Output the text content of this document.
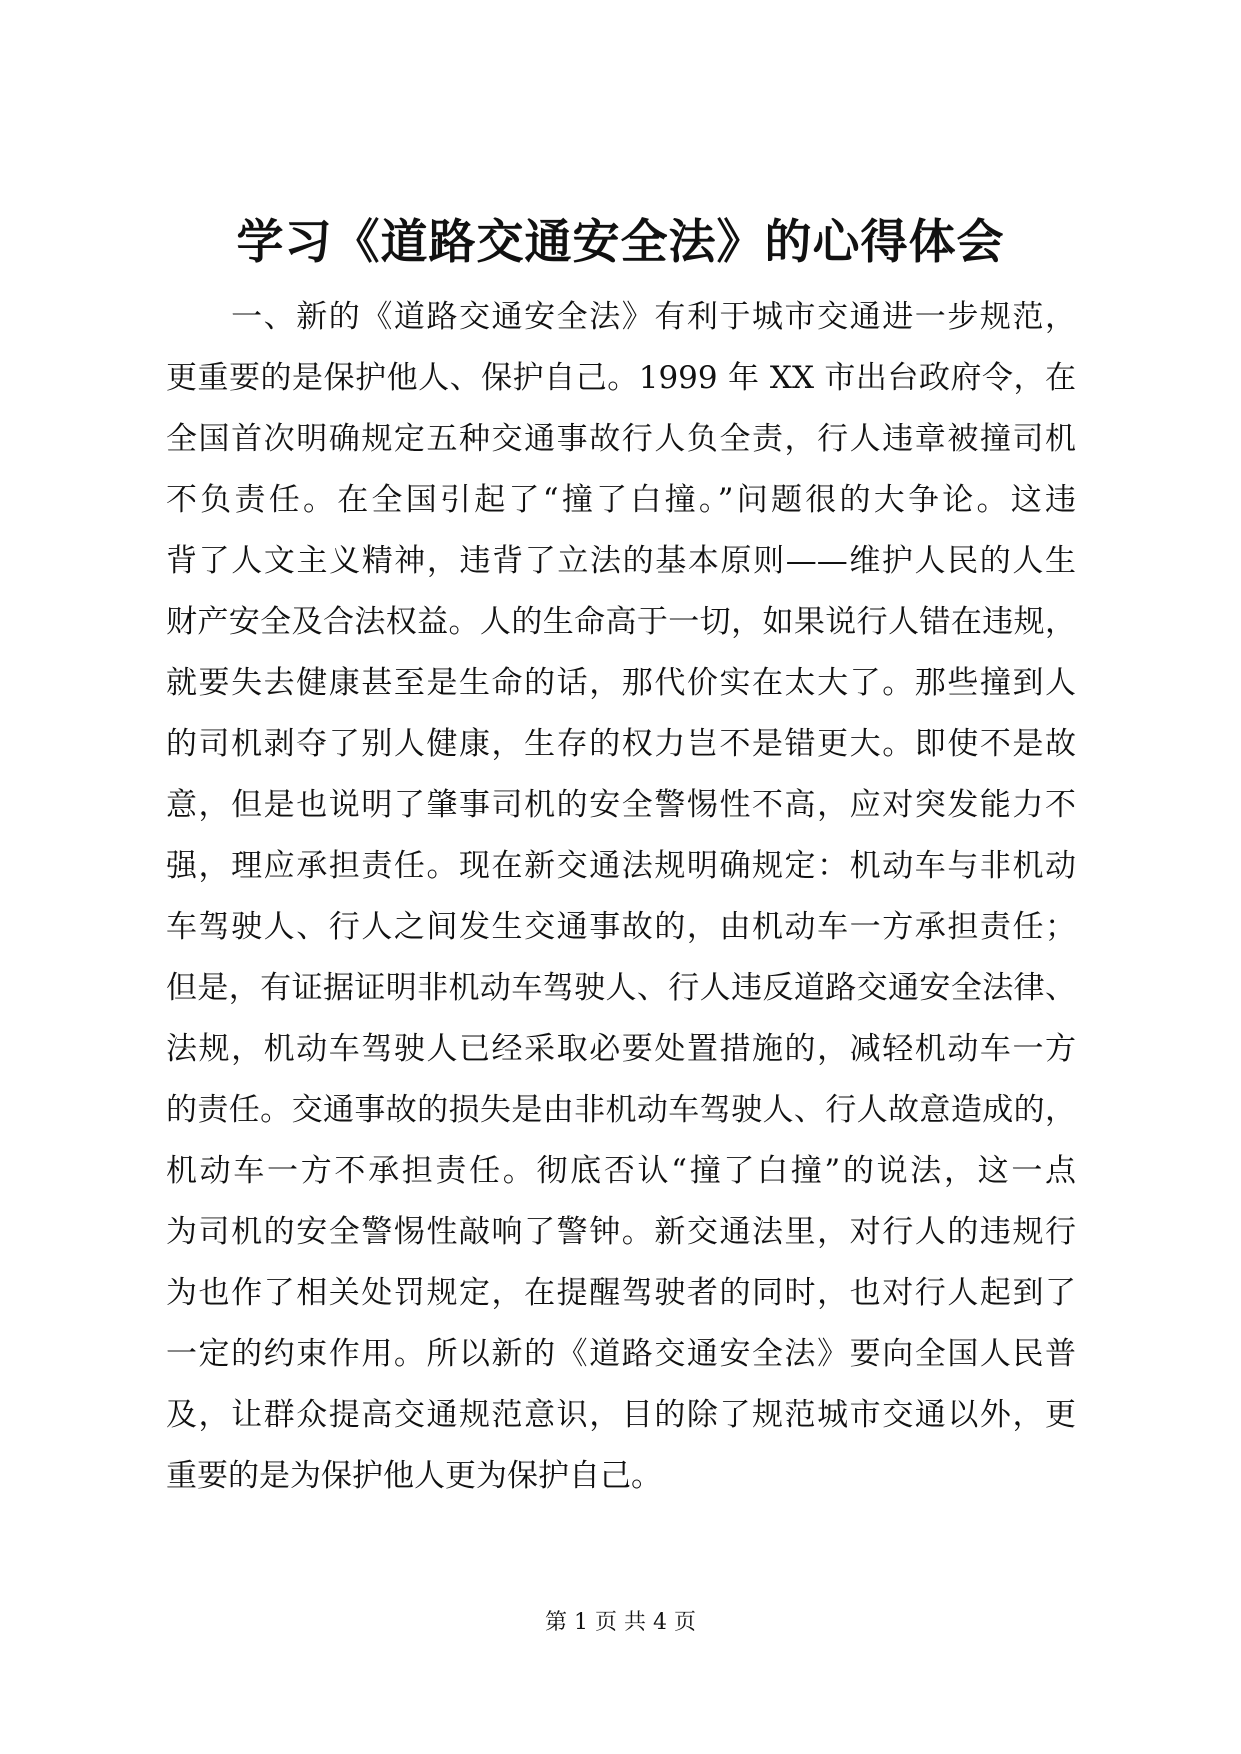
学习《道路交通安全法》的心得体会
　　一、新的《道路交通安全法》有利于城市交通进一步规范，
更重要的是保护他人、保护自己。1999 年 XX 市出台政府令，在
全国首次明确规定五种交通事故行人负全责，行人违章被撞司机
不负责任。在全国引起了“撞了白撞。”问题很的大争论。这违
背了人文主义精神，违背了立法的基本原则——维护人民的人生
财产安全及合法权益。人的生命高于一切，如果说行人错在违规，
就要失去健康甚至是生命的话，那代价实在太大了。那些撞到人
的司机剥夺了别人健康，生存的权力岂不是错更大。即使不是故
意，但是也说明了肇事司机的安全警惕性不高，应对突发能力不
强，理应承担责任。现在新交通法规明确规定：机动车与非机动
车驾驶人、行人之间发生交通事故的，由机动车一方承担责任；
但是，有证据证明非机动车驾驶人、行人违反道路交通安全法律、
法规，机动车驾驶人已经采取必要处置措施的，减轻机动车一方
的责任。交通事故的损失是由非机动车驾驶人、行人故意造成的，
机动车一方不承担责任。彻底否认“撞了白撞”的说法，这一点
为司机的安全警惕性敲响了警钟。新交通法里，对行人的违规行
为也作了相关处罚规定，在提醒驾驶者的同时，也对行人起到了
一定的约束作用。所以新的《道路交通安全法》要向全国人民普
及，让群众提高交通规范意识，目的除了规范城市交通以外，更
重要的是为保护他人更为保护自己。
第 1 页 共 4 页
